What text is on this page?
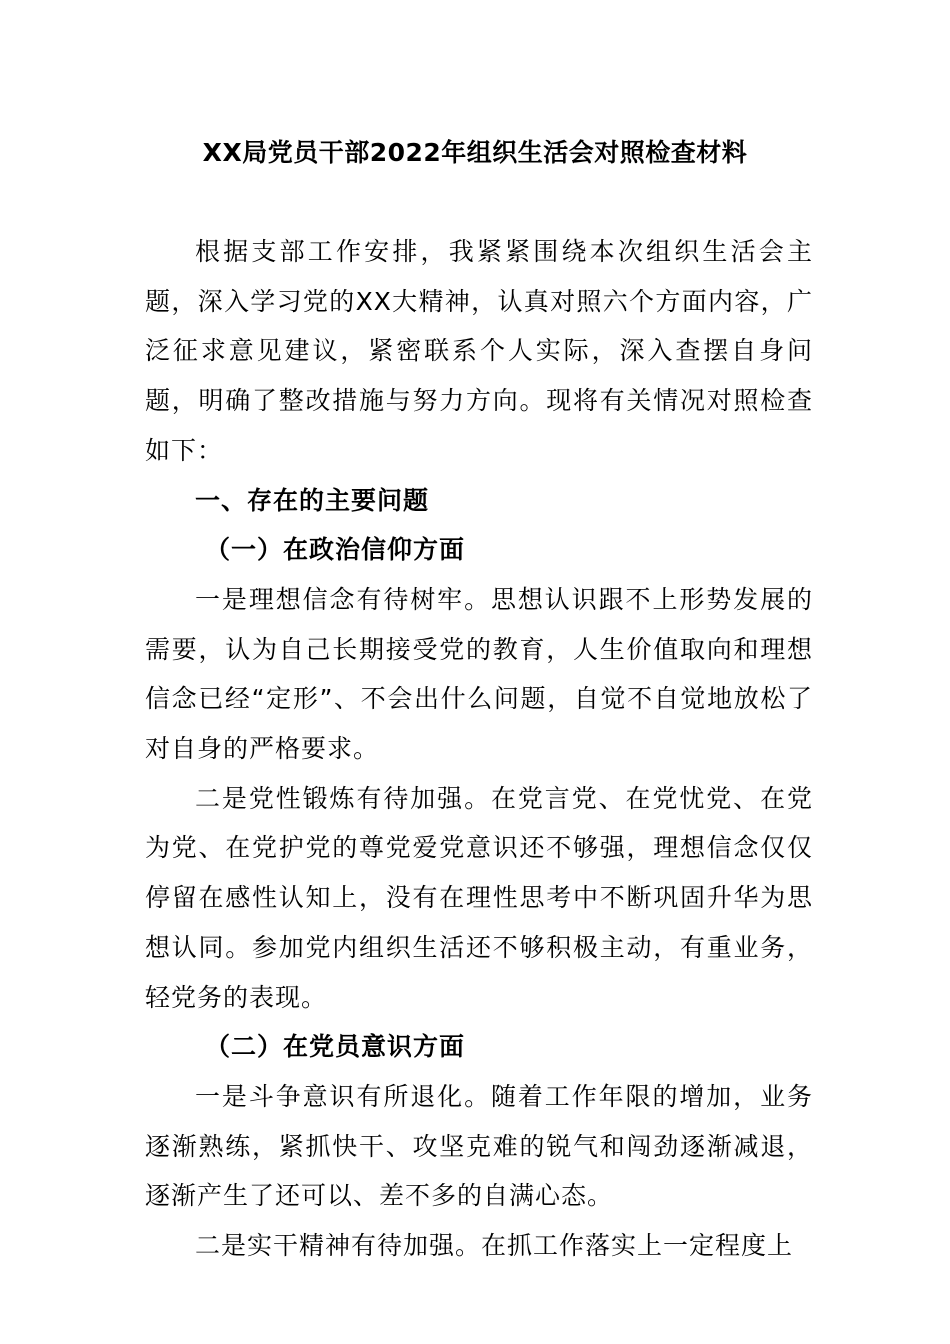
XX局党员干部2022年组织生活会对照检查材料

根据支部工作安排，我紧紧围绕本次组织生活会主题，深入学习党的XX大精神，认真对照六个方面内容，广泛征求意见建议，紧密联系个人实际，深入查摆自身问题，明确了整改措施与努力方向。现将有关情况对照检查如下：

一、存在的主要问题

（一）在政治信仰方面

一是理想信念有待树牢。思想认识跟不上形势发展的需要，认为自己长期接受党的教育，人生价值取向和理想信念已经“定形”、不会出什么问题，自觉不自觉地放松了对自身的严格要求。

二是党性锻炼有待加强。在党言党、在党忧党、在党为党、在党护党的尊党爱党意识还不够强，理想信念仅仅停留在感性认知上，没有在理性思考中不断巩固升华为思想认同。参加党内组织生活还不够积极主动，有重业务，轻党务的表现。

（二）在党员意识方面

一是斗争意识有所退化。随着工作年限的增加，业务逐渐熟练，紧抓快干、攻坚克难的锐气和闯劲逐渐减退，逐渐产生了还可以、差不多的自满心态。

二是实干精神有待加强。在抓工作落实上一定程度上
